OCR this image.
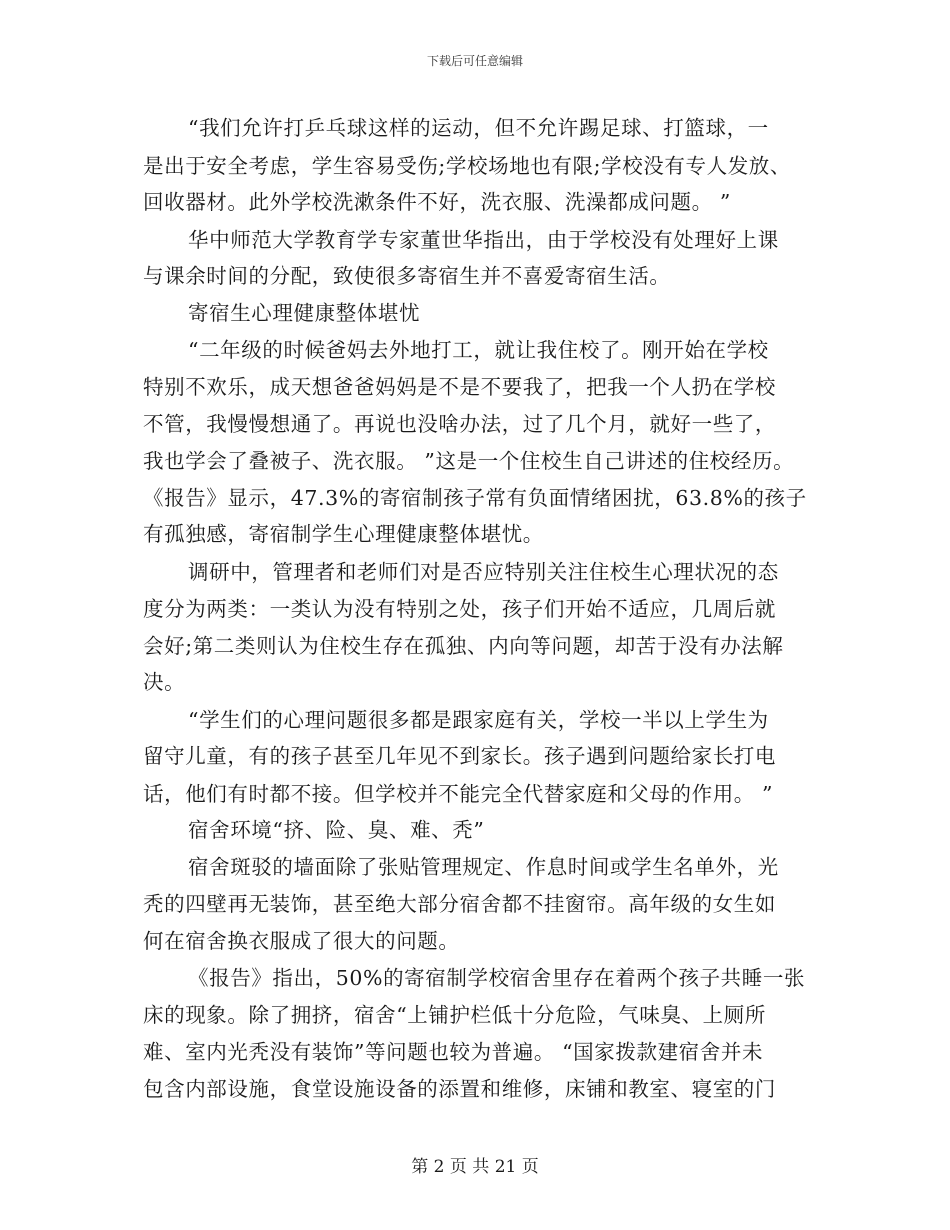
下载后可任意编辑
“我们允许打乒乓球这样的运动，但不允许踢足球、打篮球，一
是出于安全考虑，学生容易受伤;学校场地也有限;学校没有专人发放、
回收器材。此外学校洗漱条件不好，洗衣服、洗澡都成问题。 ”
华中师范大学教育学专家董世华指出，由于学校没有处理好上课
与课余时间的分配，致使很多寄宿生并不喜爱寄宿生活。
寄宿生心理健康整体堪忧
“二年级的时候爸妈去外地打工，就让我住校了。刚开始在学校
特别不欢乐，成天想爸爸妈妈是不是不要我了，把我一个人扔在学校
不管，我慢慢想通了。再说也没啥办法，过了几个月，就好一些了，
我也学会了叠被子、洗衣服。 ”这是一个住校生自己讲述的住校经历。
《报告》显示，47.3%的寄宿制孩子常有负面情绪困扰，63.8%的孩子
有孤独感，寄宿制学生心理健康整体堪忧。
调研中，管理者和老师们对是否应特别关注住校生心理状况的态
度分为两类：一类认为没有特别之处，孩子们开始不适应，几周后就
会好;第二类则认为住校生存在孤独、内向等问题，却苦于没有办法解
决。
“学生们的心理问题很多都是跟家庭有关，学校一半以上学生为
留守儿童，有的孩子甚至几年见不到家长。孩子遇到问题给家长打电
话，他们有时都不接。但学校并不能完全代替家庭和父母的作用。 ”
宿舍环境“挤、险、臭、难、秃”
宿舍斑驳的墙面除了张贴管理规定、作息时间或学生名单外，光
秃的四壁再无装饰，甚至绝大部分宿舍都不挂窗帘。高年级的女生如
何在宿舍换衣服成了很大的问题。
《报告》指出，50%的寄宿制学校宿舍里存在着两个孩子共睡一张
床的现象。除了拥挤，宿舍“上铺护栏低十分危险，气味臭、上厕所
难、室内光秃没有装饰”等问题也较为普遍。 “国家拨款建宿舍并未
包含内部设施，食堂设施设备的添置和维修，床铺和教室、寝室的门
第 2 页 共 21 页
